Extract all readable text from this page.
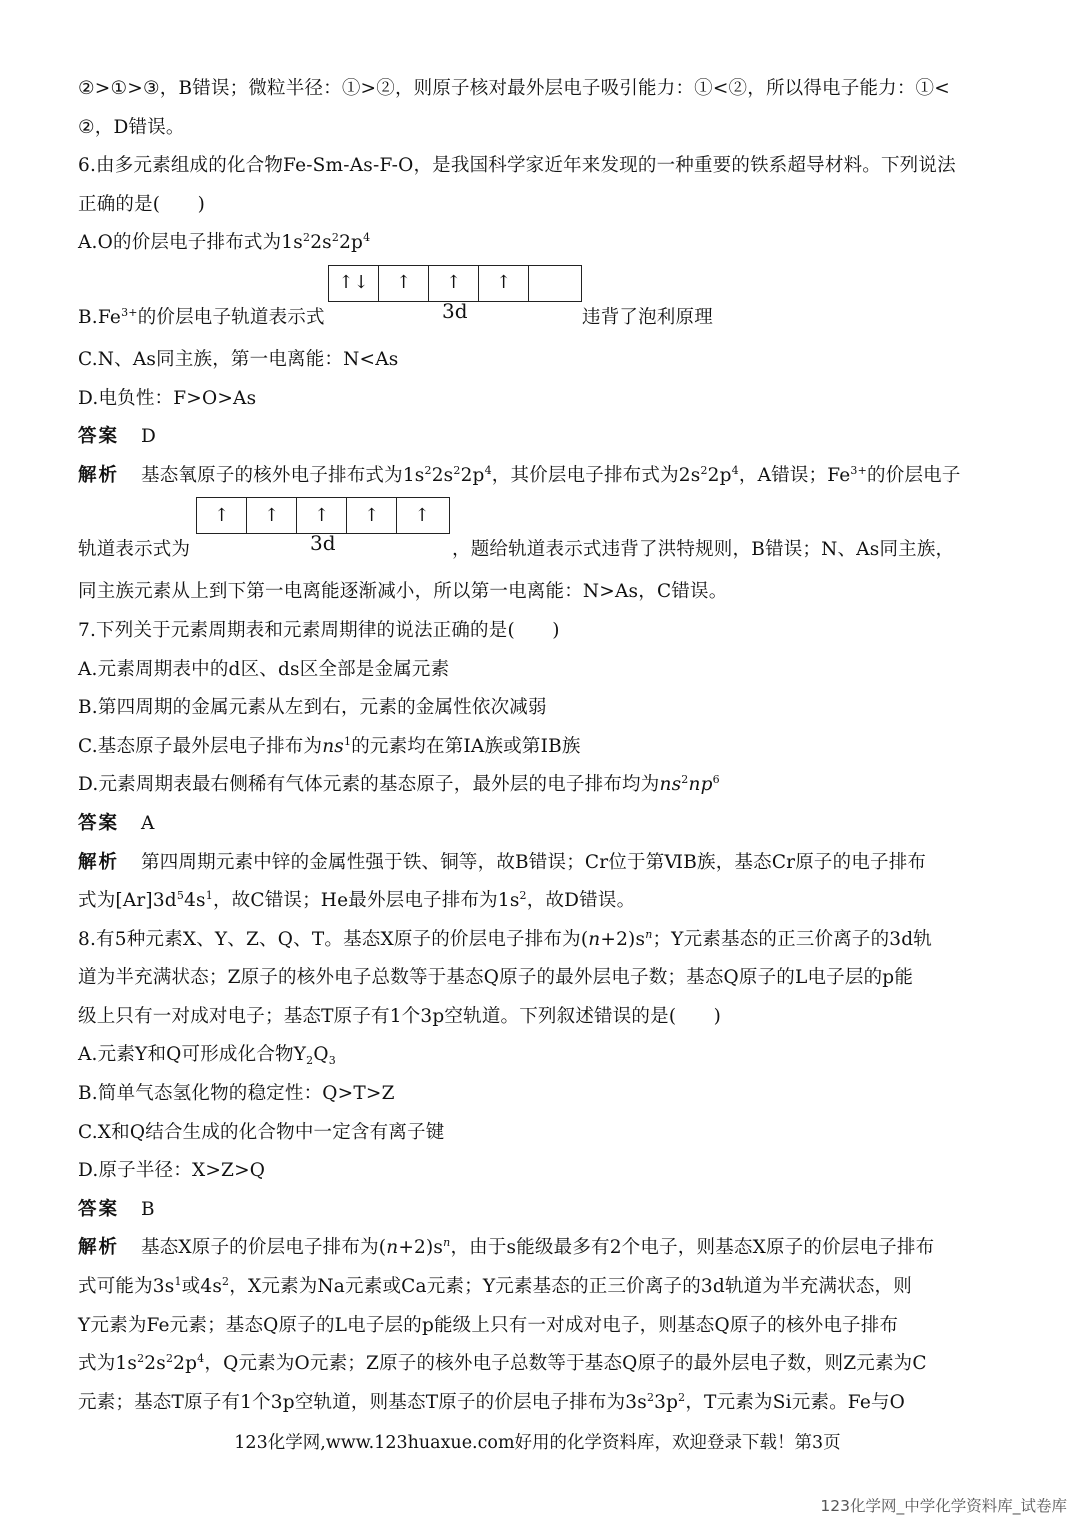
②>①>③，B错误；微粒半径：①>②，则原子核对最外层电子吸引能力：①<②，所以得电子能力：①<
②，D错误。
6.由多元素组成的化合物Fe-Sm-As-F-O，是我国科学家近年来发现的一种重要的铁系超导材料。下列说法
正确的是(　　)
A.O的价层电子排布式为$1s^22s^22p^4$
↑↓	↑	↑	↑
$B.Fe^{3+}$的价层电子轨道表示式	3d	违背了泡利原理
C.N、As同主族，第一电离能：N<As
D.电负性：F>O>As
答案 D
解析 基态氧原子的核外电子排布式为$1s^22s^22p^4$，其价层电子排布式为$2s^22p^4$，A错误；$Fe^{3+}$的价层电子
↑	↑	↑	↑	↑
轨道表示式为	3d	，题给轨道表示式违背了洪特规则，B错误；N、As同主族，
同主族元素从上到下第一电离能逐渐减小，所以第一电离能：N>As，C错误。
7.下列关于元素周期表和元素周期律的说法正确的是(　　)
A.元素周期表中的d区、ds区全部是金属元素
B.第四周期的金属元素从左到右，元素的金属性依次减弱
C.基态原子最外层电子排布为$ns^1$的元素均在第ⅠA族或第ⅠB族
D.元素周期表最右侧稀有气体元素的基态原子，最外层的电子排布均为$ns^2np^6$
答案 A
解析 第四周期元素中锌的金属性强于铁、铜等，故B错误；Cr位于第ⅥB族，基态Cr原子的电子排布
式为$[Ar]3d^54s^1$，故C错误；He最外层电子排布为$1s^2$，故D错误。
8.有5种元素X、Y、Z、Q、T。基态X原子的价层电子排布为$(n+2)s^n$；Y元素基态的正三价离子的3d轨
道为半充满状态；Z原子的核外电子总数等于基态Q原子的最外层电子数；基态Q原子的L电子层的p能
级上只有一对成对电子；基态T原子有1个3p空轨道。下列叙述错误的是(　　)
A.元素Y和Q可形成化合物$Y_2Q_3$
B.简单气态氢化物的稳定性：Q>T>Z
C.X和Q结合生成的化合物中一定含有离子键
D.原子半径：X>Z>Q
答案 B
解析 基态X原子的价层电子排布为$(n+2)s^n$，由于s能级最多有2个电子，则基态X原子的价层电子排布
式可能为$3s^1$或$4s^2$，X元素为Na元素或Ca元素；Y元素基态的正三价离子的3d轨道为半充满状态，则
Y元素为Fe元素；基态Q原子的L电子层的p能级上只有一对成对电子，则基态Q原子的核外电子排布
式为$1s^22s^22p^4$，Q元素为O元素；Z原子的核外电子总数等于基态Q原子的最外层电子数，则Z元素为C
元素；基态T原子有1个3p空轨道，则基态T原子的价层电子排布为$3s^23p^2$，T元素为Si元素。Fe与O
123化学网,www.123huaxue.com好用的化学资料库，欢迎登录下载！第3页
123化学网_中学化学资料库_试卷库
